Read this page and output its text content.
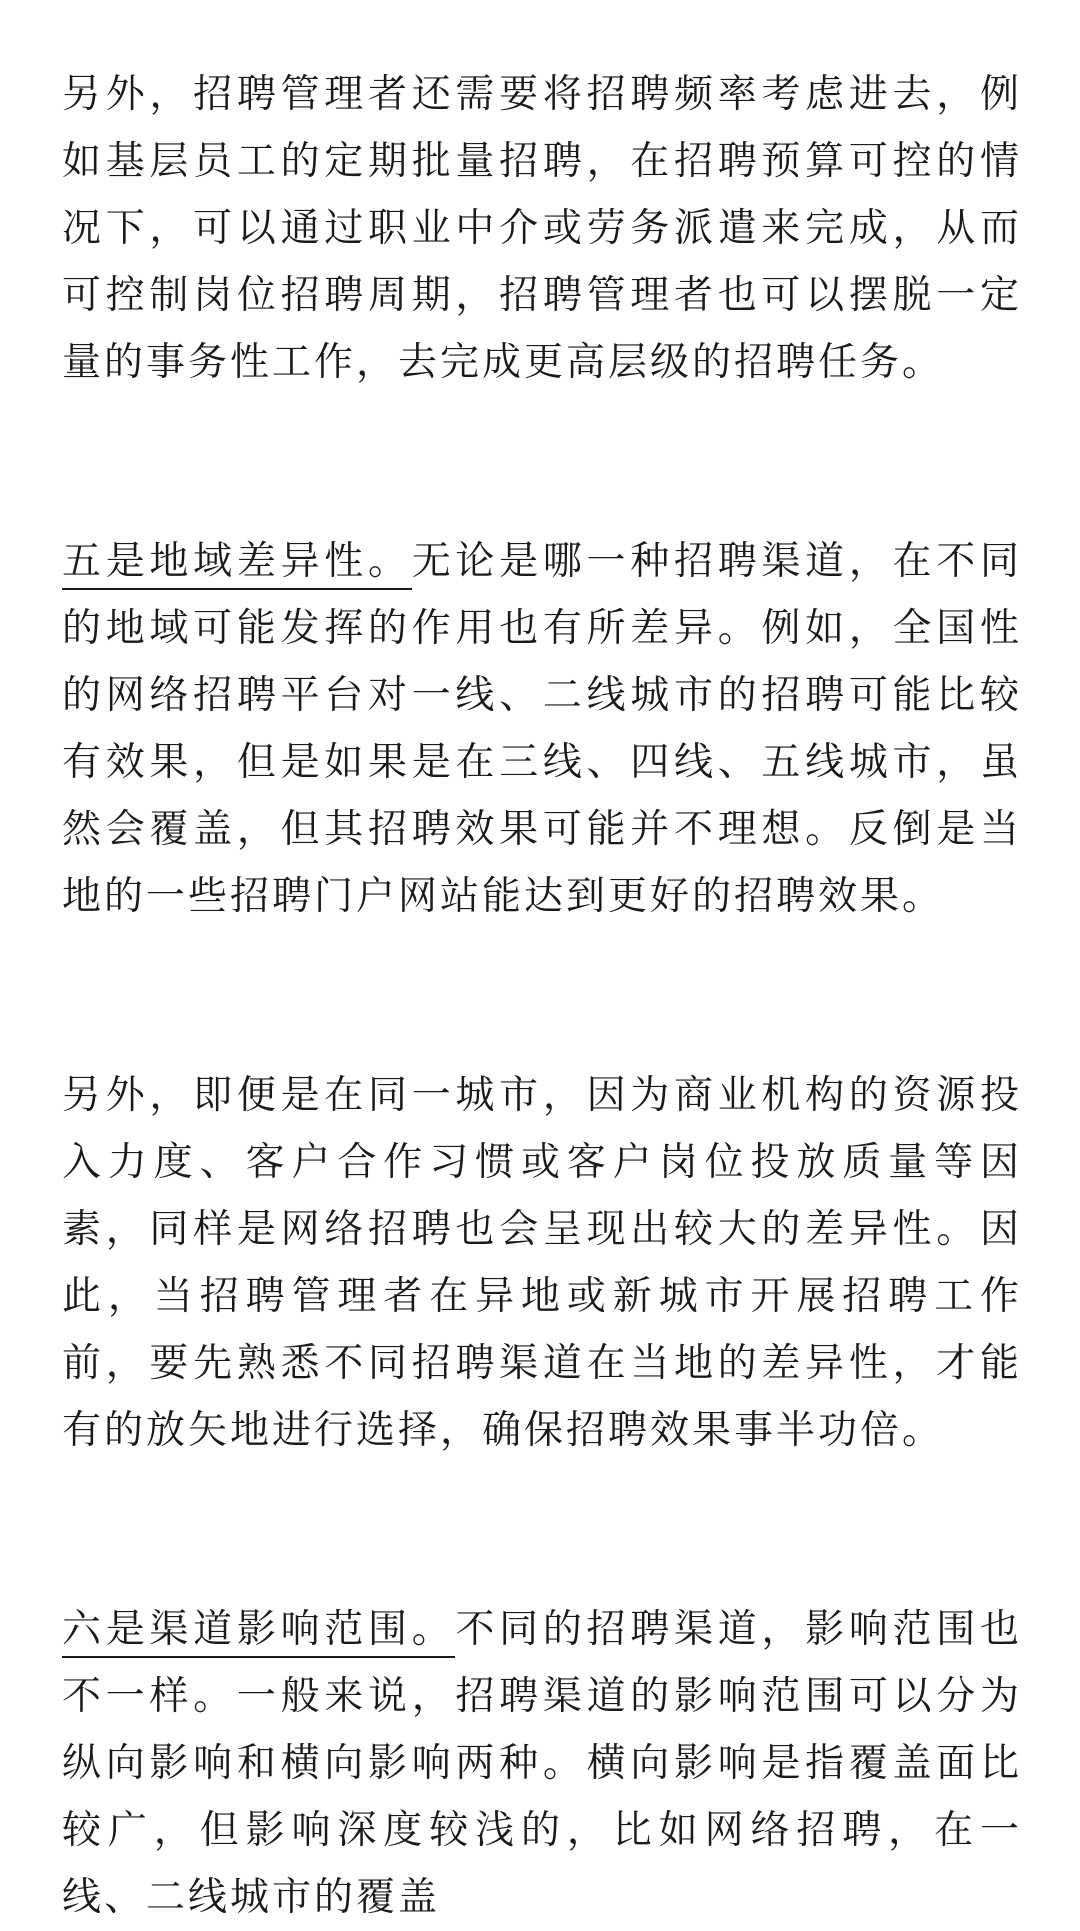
另外，招聘管理者还需要将招聘频率考虑进去，例如基层员工的定期批量招聘，在招聘预算可控的情况下，可以通过职业中介或劳务派遣来完成，从而可控制岗位招聘周期，招聘管理者也可以摆脱一定量的事务性工作，去完成更高层级的招聘任务。

五是地域差异性。无论是哪一种招聘渠道，在不同的地域可能发挥的作用也有所差异。例如，全国性的网络招聘平台对一线、二线城市的招聘可能比较有效果，但是如果是在三线、四线、五线城市，虽然会覆盖，但其招聘效果可能并不理想。反倒是当地的一些招聘门户网站能达到更好的招聘效果。

另外，即便是在同一城市，因为商业机构的资源投入力度、客户合作习惯或客户岗位投放质量等因素，同样是网络招聘也会呈现出较大的差异性。因此，当招聘管理者在异地或新城市开展招聘工作前，要先熟悉不同招聘渠道在当地的差异性，才能有的放矢地进行选择，确保招聘效果事半功倍。

六是渠道影响范围。不同的招聘渠道，影响范围也不一样。一般来说，招聘渠道的影响范围可以分为纵向影响和横向影响两种。横向影响是指覆盖面比较广，但影响深度较浅的，比如网络招聘，在一线、二线城市的覆盖
